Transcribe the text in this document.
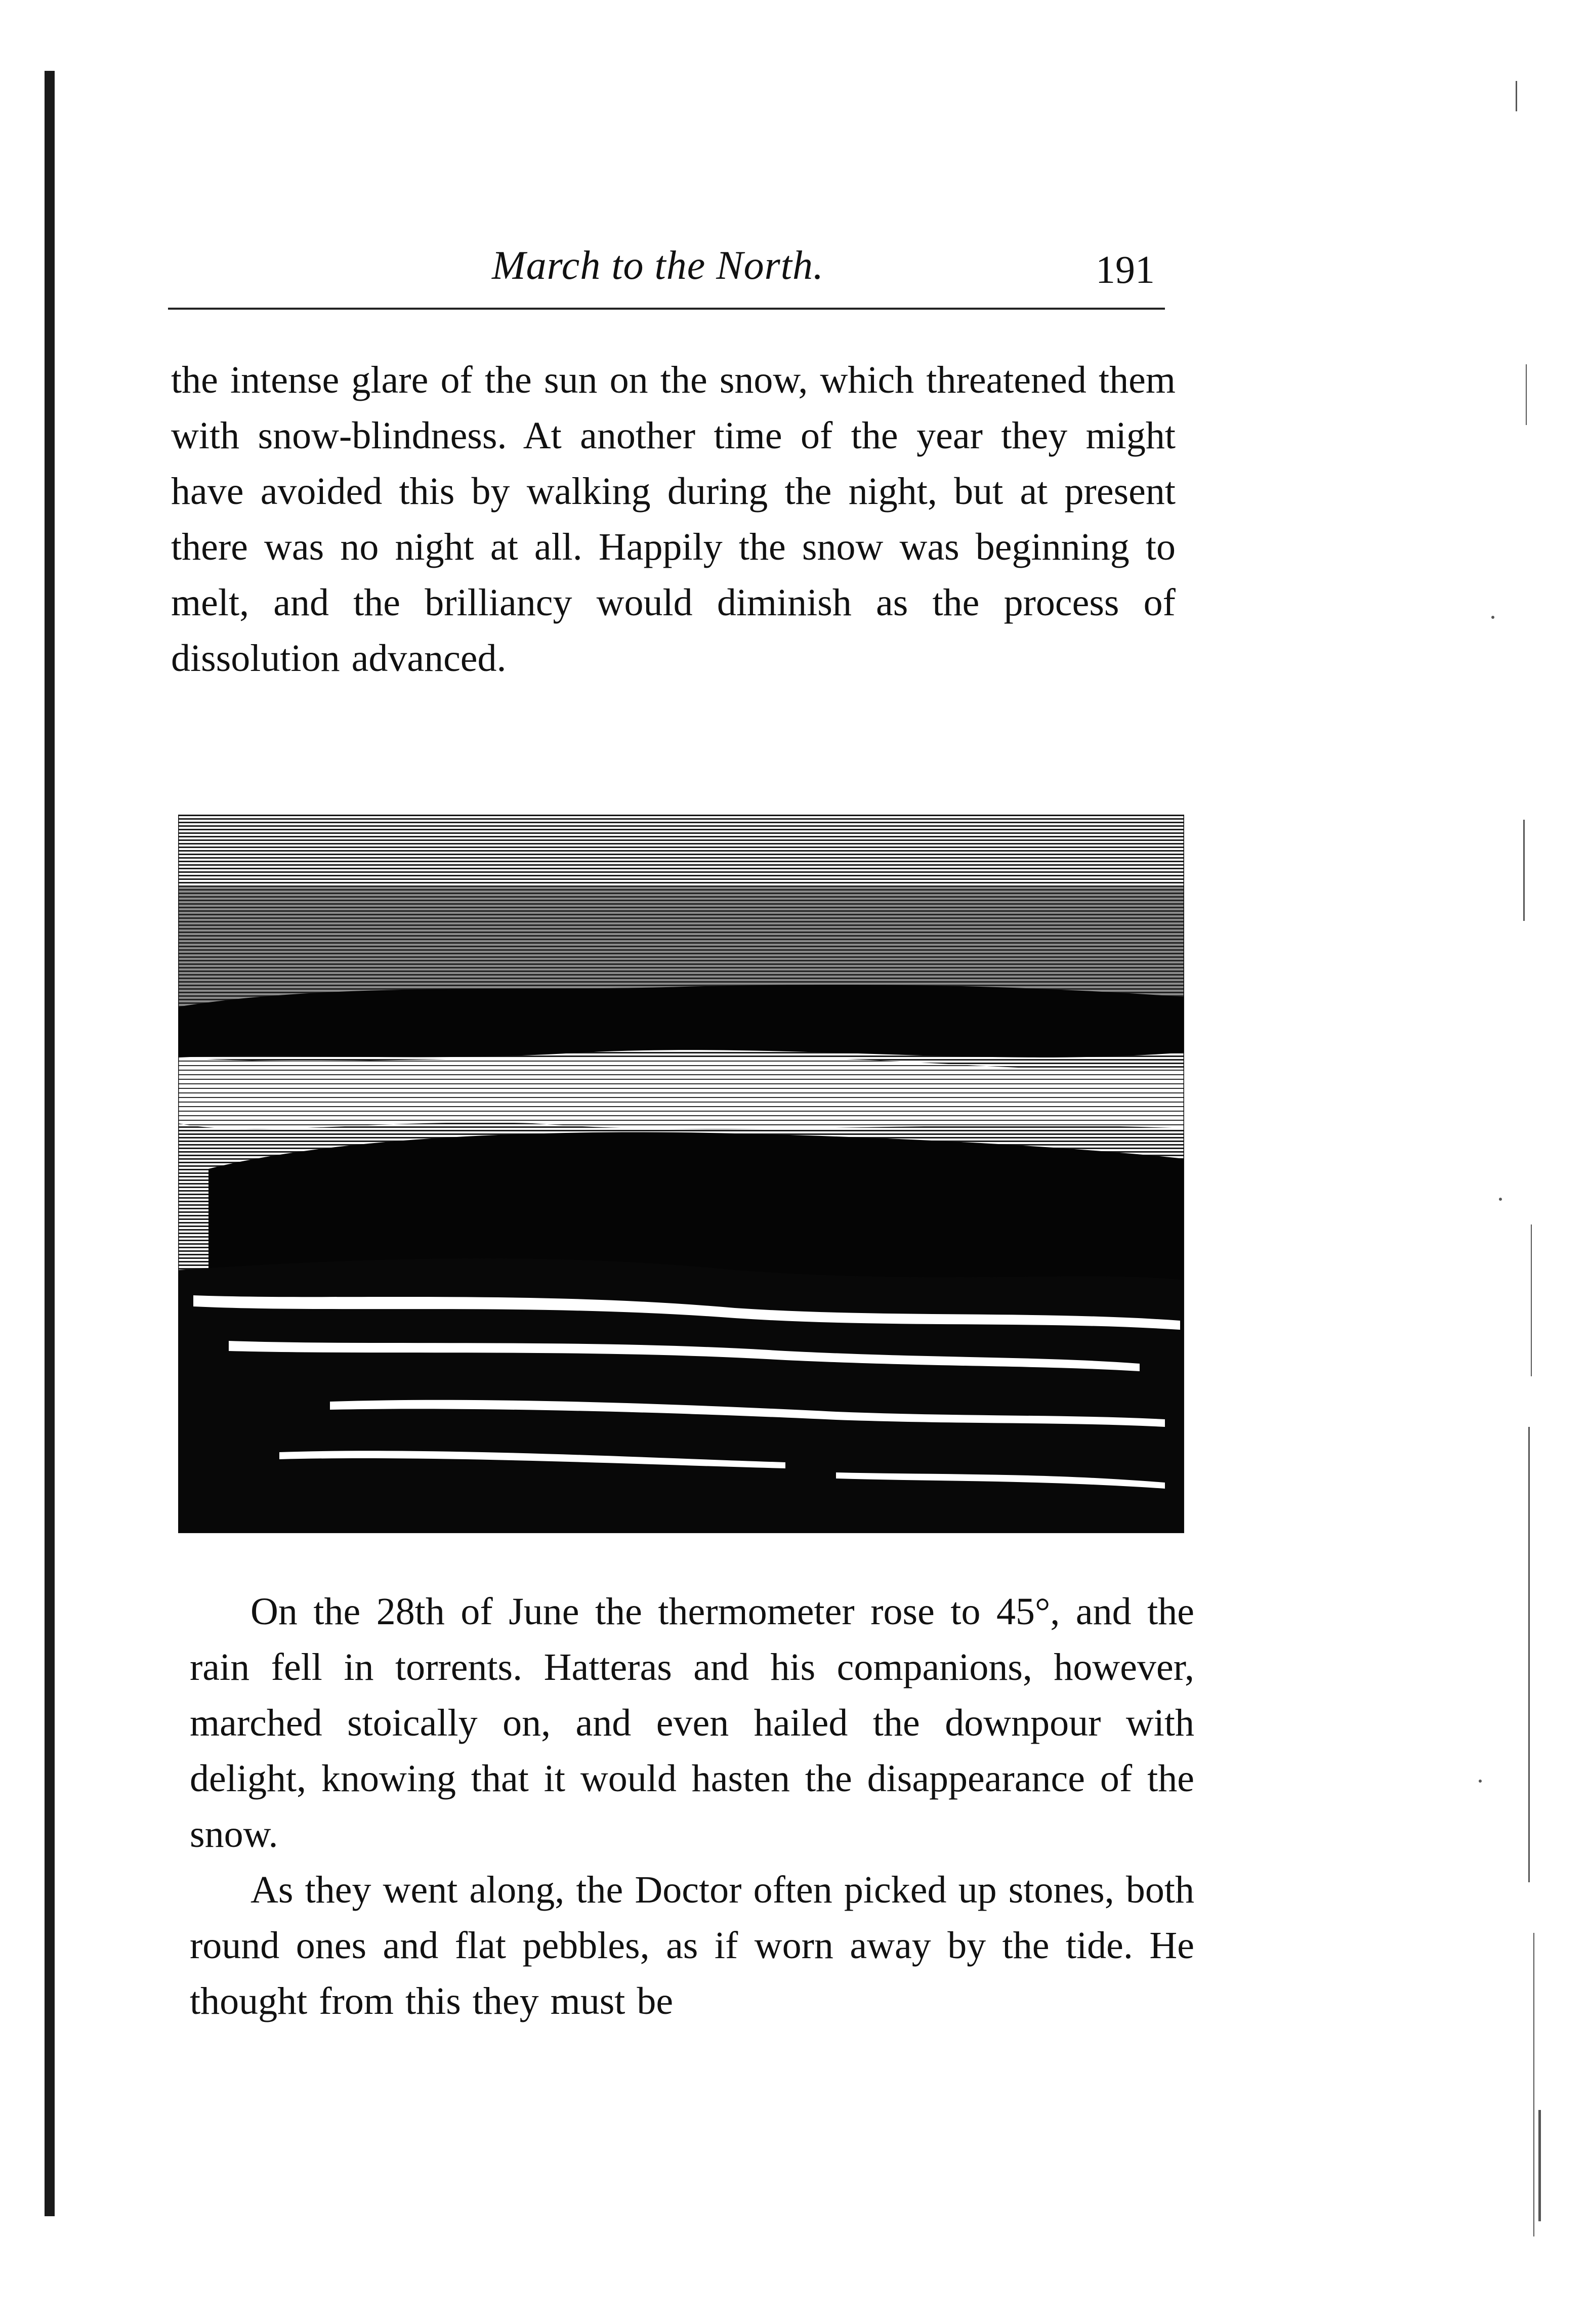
March to the North.	191

the intense glare of the sun on the snow, which threatened them with snow-blindness. At another time of the year they might have avoided this by walking during the night, but at present there was no night at all. Happily the snow was beginning to melt, and the brilliancy would diminish as the process of dissolution advanced.

On the 28th of June the thermometer rose to 45°, and the rain fell in torrents. Hatteras and his companions, however, marched stoically on, and even hailed the downpour with delight, knowing that it would hasten the disappearance of the snow.

As they went along, the Doctor often picked up stones, both round ones and flat pebbles, as if worn away by the tide. He thought from this they must be
